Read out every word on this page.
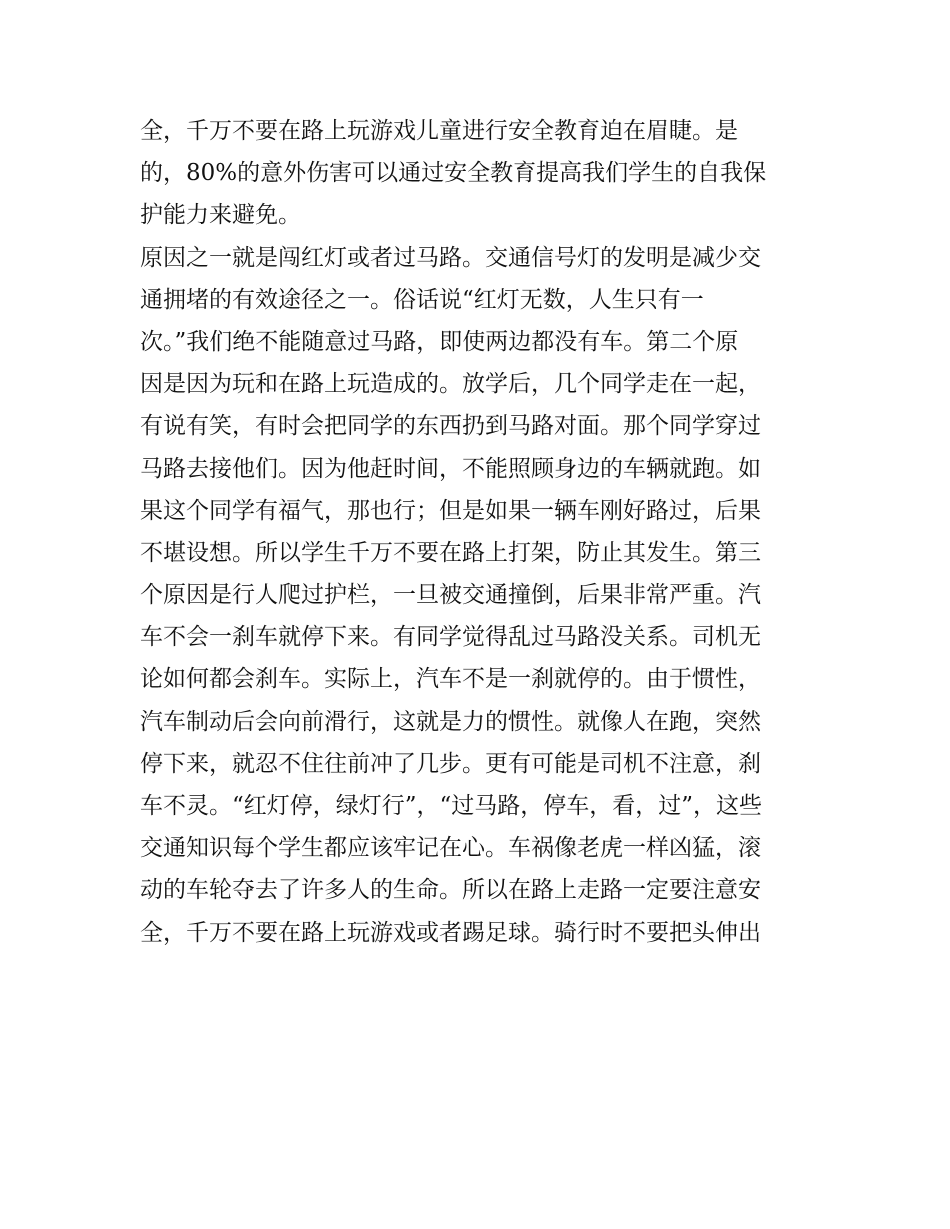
全，千万不要在路上玩游戏儿童进行安全教育迫在眉睫。是
的，80%的意外伤害可以通过安全教育提高我们学生的自我保
护能力来避免。
原因之一就是闯红灯或者过马路。交通信号灯的发明是减少交
通拥堵的有效途径之一。俗话说“红灯无数，人生只有一
次。”我们绝不能随意过马路，即使两边都没有车。第二个原
因是因为玩和在路上玩造成的。放学后，几个同学走在一起，
有说有笑，有时会把同学的东西扔到马路对面。那个同学穿过
马路去接他们。因为他赶时间，不能照顾身边的车辆就跑。如
果这个同学有福气，那也行；但是如果一辆车刚好路过，后果
不堪设想。所以学生千万不要在路上打架，防止其发生。第三
个原因是行人爬过护栏，一旦被交通撞倒，后果非常严重。汽
车不会一刹车就停下来。有同学觉得乱过马路没关系。司机无
论如何都会刹车。实际上，汽车不是一刹就停的。由于惯性，
汽车制动后会向前滑行，这就是力的惯性。就像人在跑，突然
停下来，就忍不住往前冲了几步。更有可能是司机不注意，刹
车不灵。“红灯停，绿灯行”，“过马路，停车，看，过”，这些
交通知识每个学生都应该牢记在心。车祸像老虎一样凶猛，滚
动的车轮夺去了许多人的生命。所以在路上走路一定要注意安
全，千万不要在路上玩游戏或者踢足球。骑行时不要把头伸出
